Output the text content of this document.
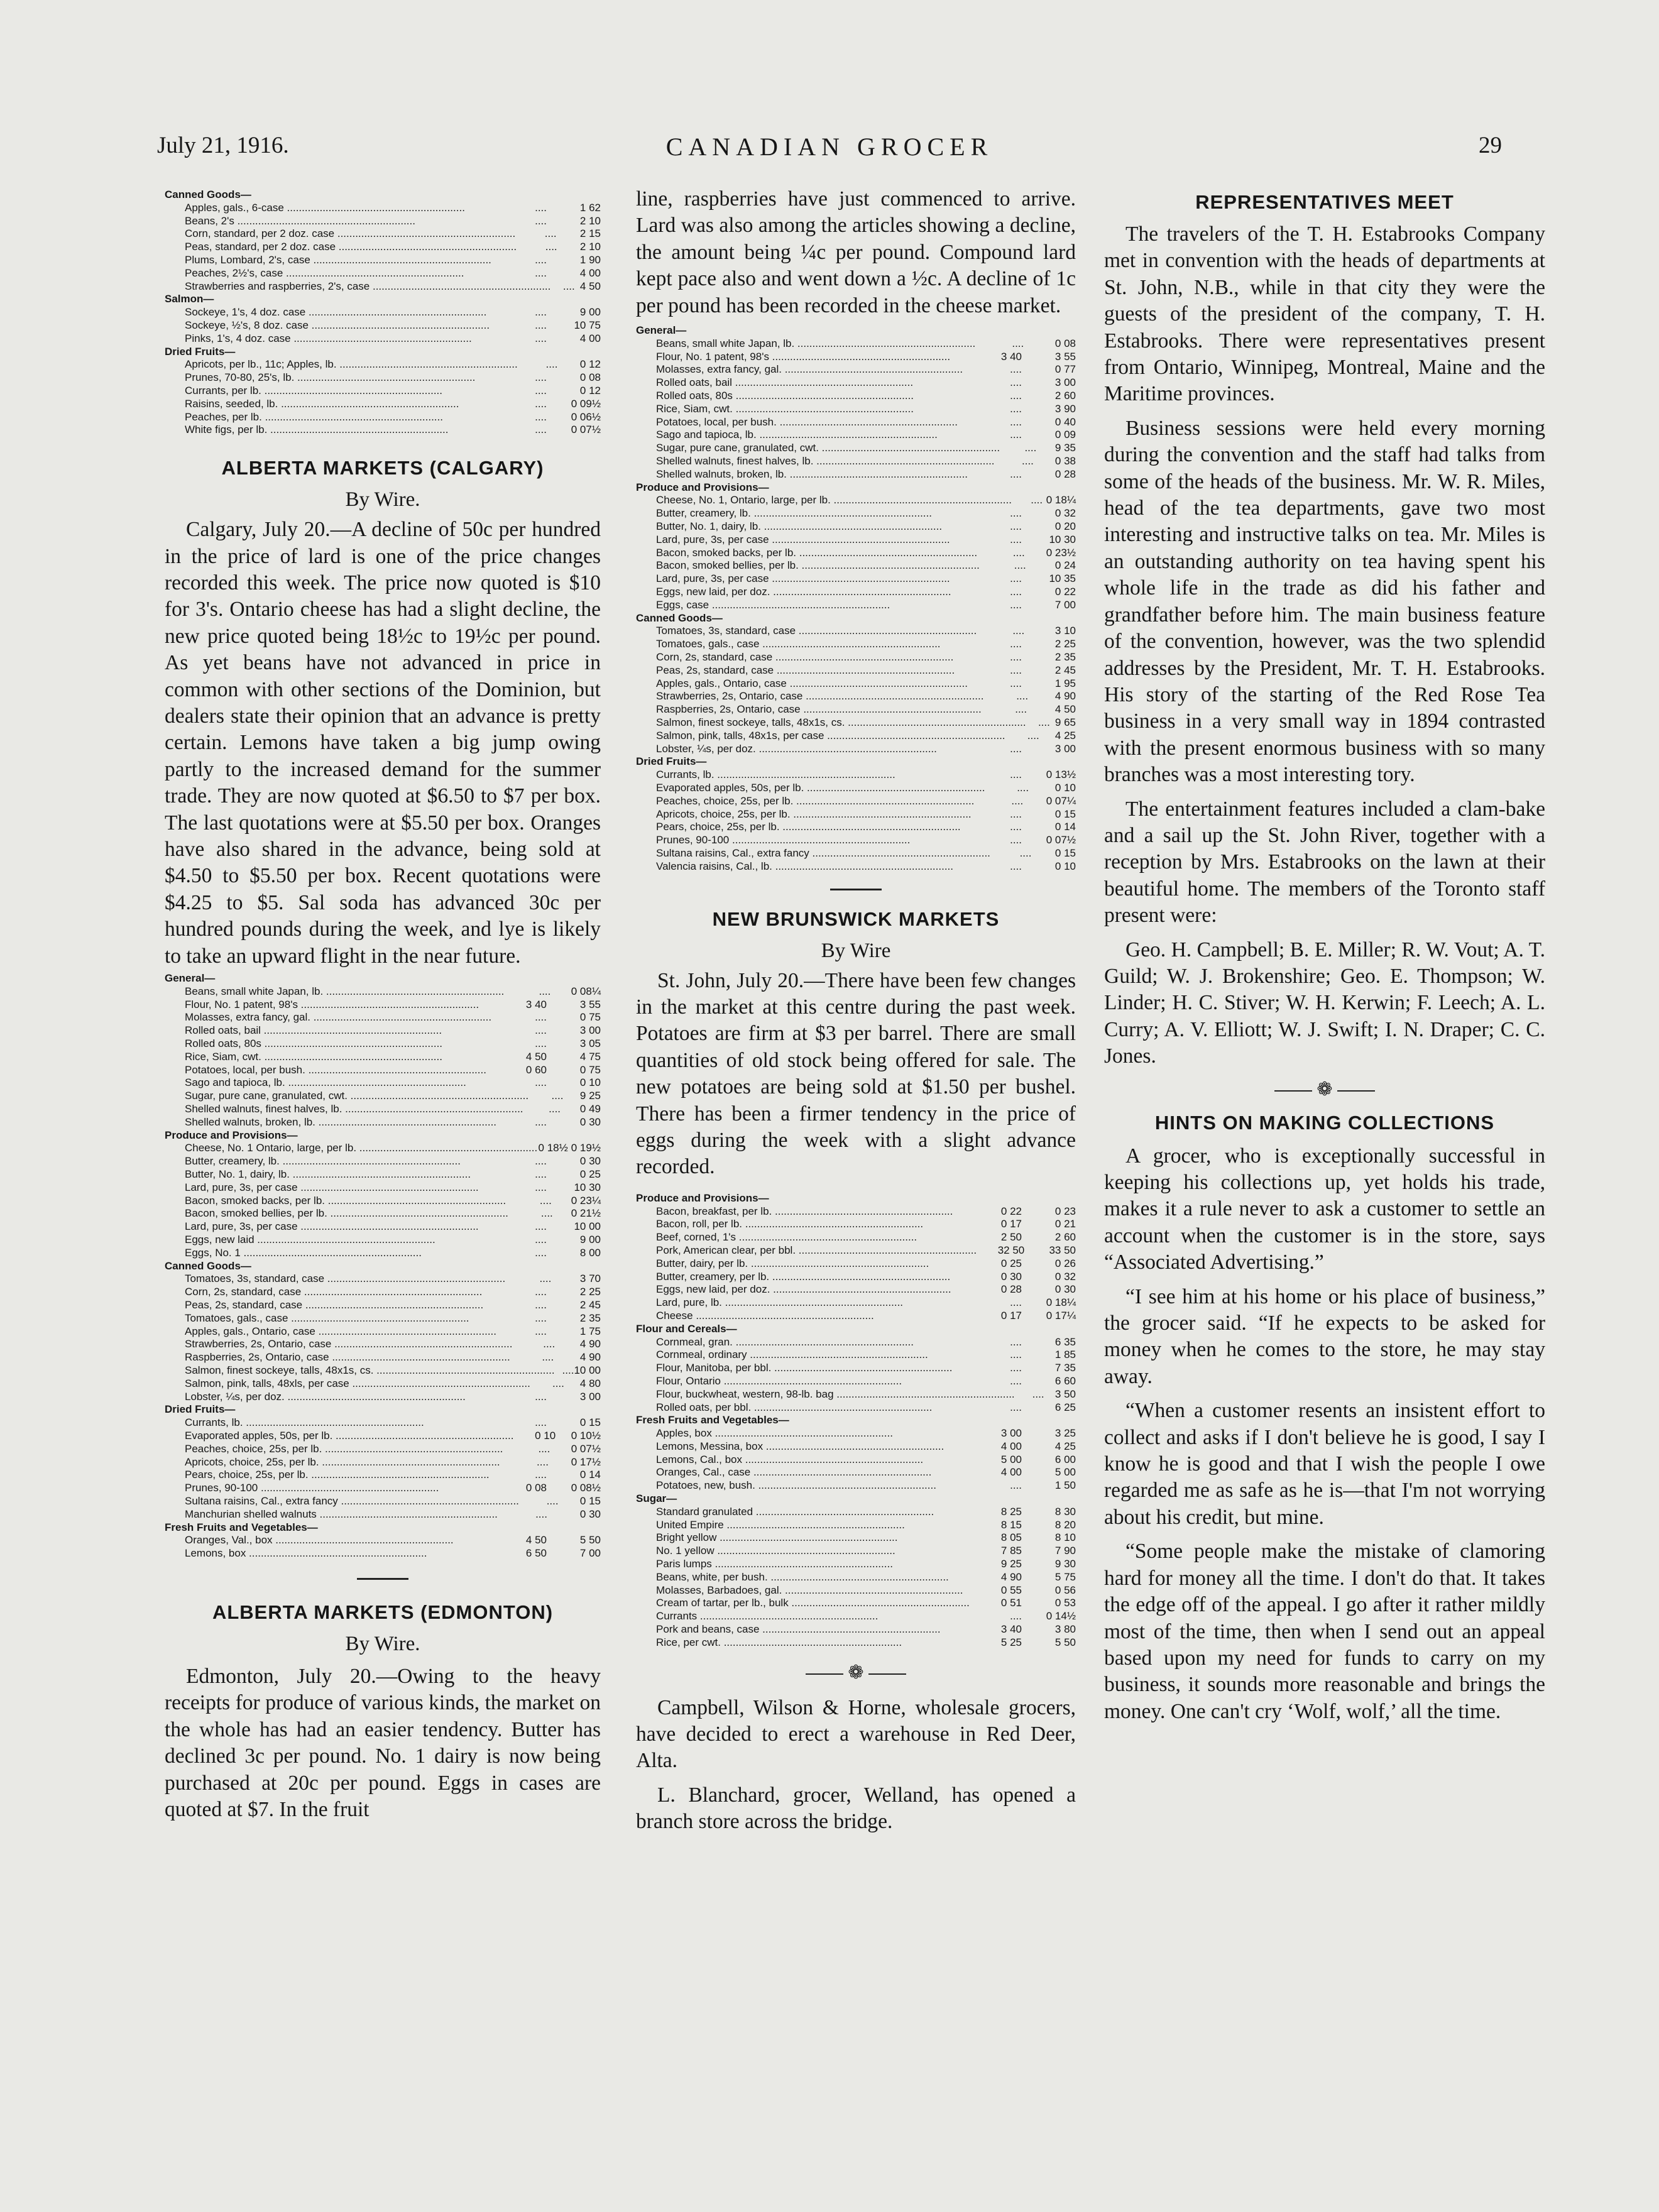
July 21, 1916.	CANADIAN GROCER	29
Canned Goods—
Apples, gals., 6-case ............................................................	....	1 62
Beans, 2's ............................................................	....	2 10
Corn, standard, per 2 doz. case ............................................................	....	2 15
Peas, standard, per 2 doz. case ............................................................	....	2 10
Plums, Lombard, 2's, case ............................................................	....	1 90
Peaches, 2½'s, case ............................................................	....	4 00
Strawberries and raspberries, 2's, case ............................................................	.... 4 50
Salmon—
Sockeye, 1's, 4 doz. case ............................................................	....	9 00
Sockeye, ½'s, 8 doz. case ............................................................	....	10 75
Pinks, 1's, 4 doz. case ............................................................	....	4 00
Dried Fruits—
Apricots, per lb., 11c; Apples, lb. ............................................................	....	0 12
Prunes, 70-80, 25's, lb. ............................................................	....	0 08
Currants, per lb. ............................................................	....	0 12
Raisins, seeded, lb. ............................................................	....	0 09½
Peaches, per lb. ............................................................	....	0 06½
White figs, per lb. ............................................................	....	0 07½
ALBERTA MARKETS (CALGARY)

By Wire.

Calgary, July 20.—A decline of 50c per hundred in the price of lard is one of the price changes recorded this week. The price now quoted is $10 for 3's. Ontario cheese has had a slight decline, the new price quoted being 18½c to 19½c per pound. As yet beans have not advanced in price in common with other sections of the Dominion, but dealers state their opinion that an advance is pretty certain. Lemons have taken a big jump owing partly to the increased demand for the summer trade. They are now quoted at $6.50 to $7 per box. The last quotations were at $5.50 per box. Oranges have also shared in the advance, being sold at $4.50 to $5.50 per box. Recent quotations were $4.25 to $5. Sal soda has advanced 30c per hundred pounds during the week, and lye is likely to take an upward flight in the near future.

General—
Beans, small white Japan, lb. ............................................................	....	0 08¼
Flour, No. 1 patent, 98's ............................................................	3 40	3 55
Molasses, extra fancy, gal. ............................................................	....	0 75
Rolled oats, bail ............................................................	....	3 00
Rolled oats, 80s ............................................................	....	3 05
Rice, Siam, cwt. ............................................................	4 50	4 75
Potatoes, local, per bush. ............................................................	0 60	0 75
Sago and tapioca, lb. ............................................................	....	0 10
Sugar, pure cane, granulated, cwt. ............................................................	....	9 25
Shelled walnuts, finest halves, lb. ............................................................	....	0 49
Shelled walnuts, broken, lb. ............................................................	....	0 30
Produce and Provisions—
Cheese, No. 1 Ontario, large, per lb. ............................................................ 0 18½ 0 19½
Butter, creamery, lb. ............................................................	....	0 30
Butter, No. 1, dairy, lb. ............................................................	....	0 25
Lard, pure, 3s, per case ............................................................	....	10 30
Bacon, smoked backs, per lb. ............................................................	....	0 23¼
Bacon, smoked bellies, per lb. ............................................................	....	0 21½
Lard, pure, 3s, per case ............................................................	....	10 00
Eggs, new laid ............................................................	....	9 00
Eggs, No. 1 ............................................................	....	8 00
Canned Goods—
Tomatoes, 3s, standard, case ............................................................	....	3 70
Corn, 2s, standard, case ............................................................	....	2 25
Peas, 2s, standard, case ............................................................	....	2 45
Tomatoes, gals., case ............................................................	....	2 35
Apples, gals., Ontario, case ............................................................	....	1 75
Strawberries, 2s, Ontario, case ............................................................	....	4 90
Raspberries, 2s, Ontario, case ............................................................	....	4 90
Salmon, finest sockeye, talls, 48x1s, cs. ............................................................ .... 10 00
Salmon, pink, talls, 48xls, per case ............................................................	....	4 80
Lobster, ¼s, per doz. ............................................................	....	3 00
Dried Fruits—
Currants, lb. ............................................................	....	0 15
Evaporated apples, 50s, per lb. ............................................................	0 10	0 10½
Peaches, choice, 25s, per lb. ............................................................	....	0 07½
Apricots, choice, 25s, per lb. ............................................................	....	0 17½
Pears, choice, 25s, per lb. ............................................................	....	0 14
Prunes, 90-100 ............................................................	0 08	0 08½
Sultana raisins, Cal., extra fancy ............................................................	....	0 15
Manchurian shelled walnuts ............................................................	....	0 30
Fresh Fruits and Vegetables—
Oranges, Val., box ............................................................	4 50	5 50
Lemons, box ............................................................	6 50	7 00
ALBERTA MARKETS (EDMONTON)

By Wire.

Edmonton, July 20.—Owing to the heavy receipts for produce of various kinds, the market on the whole has had an easier tendency. Butter has declined 3c per pound. No. 1 dairy is now being purchased at 20c per pound. Eggs in cases are quoted at $7. In the fruit

line, raspberries have just commenced to arrive. Lard was also among the articles showing a decline, the amount being ¼c per pound. Compound lard kept pace also and went down a ½c. A decline of 1c per pound has been recorded in the cheese market.

General—
Beans, small white Japan, lb. ............................................................	....	0 08
Flour, No. 1 patent, 98's ............................................................	3 40	3 55
Molasses, extra fancy, gal. ............................................................	....	0 77
Rolled oats, bail ............................................................	....	3 00
Rolled oats, 80s ............................................................	....	2 60
Rice, Siam, cwt. ............................................................	....	3 90
Potatoes, local, per bush. ............................................................	....	0 40
Sago and tapioca, lb. ............................................................	....	0 09
Sugar, pure cane, granulated, cwt. ............................................................	....	9 35
Shelled walnuts, finest halves, lb. ............................................................	....	0 38
Shelled walnuts, broken, lb. ............................................................	....	0 28
Produce and Provisions—
Cheese, No. 1, Ontario, large, per lb. ............................................................	.... 0 18¼
Butter, creamery, lb. ............................................................	....	0 32
Butter, No. 1, dairy, lb. ............................................................	....	0 20
Lard, pure, 3s, per case ............................................................	....	10 30
Bacon, smoked backs, per lb. ............................................................	....	0 23½
Bacon, smoked bellies, per lb. ............................................................	....	0 24
Lard, pure, 3s, per case ............................................................	....	10 35
Eggs, new laid, per doz. ............................................................	....	0 22
Eggs, case ............................................................	....	7 00
Canned Goods—
Tomatoes, 3s, standard, case ............................................................	....	3 10
Tomatoes, gals., case ............................................................	....	2 25
Corn, 2s, standard, case ............................................................	....	2 35
Peas, 2s, standard, case ............................................................	....	2 45
Apples, gals., Ontario, case ............................................................	....	1 95
Strawberries, 2s, Ontario, case ............................................................	....	4 90
Raspberries, 2s, Ontario, case ............................................................	....	4 50
Salmon, finest sockeye, talls, 48x1s, cs. ............................................................	.... 9 65
Salmon, pink, talls, 48x1s, per case ............................................................	....	4 25
Lobster, ¼s, per doz. ............................................................	....	3 00
Dried Fruits—
Currants, lb. ............................................................	....	0 13½
Evaporated apples, 50s, per lb. ............................................................	....	0 10
Peaches, choice, 25s, per lb. ............................................................	....	0 07¼
Apricots, choice, 25s, per lb. ............................................................	....	0 15
Pears, choice, 25s, per lb. ............................................................	....	0 14
Prunes, 90-100 ............................................................	....	0 07½
Sultana raisins, Cal., extra fancy ............................................................	....	0 15
Valencia raisins, Cal., lb. ............................................................	....	0 10
NEW BRUNSWICK MARKETS

By Wire

St. John, July 20.—There have been few changes in the market at this centre during the past week. Potatoes are firm at $3 per barrel. There are small quantities of old stock being offered for sale. The new potatoes are being sold at $1.50 per bushel. There has been a firmer tendency in the price of eggs during the week with a slight advance recorded.

Produce and Provisions—
Bacon, breakfast, per lb. ............................................................	0 22	0 23
Bacon, roll, per lb. ............................................................	0 17	0 21
Beef, corned, 1's ............................................................	2 50	2 60
Pork, American clear, per bbl. ............................................................	32 50	33 50
Butter, dairy, per lb. ............................................................	0 25	0 26
Butter, creamery, per lb. ............................................................	0 30	0 32
Eggs, new laid, per doz. ............................................................	0 28	0 30
Lard, pure, lb. ............................................................	....	0 18¼
Cheese ............................................................	0 17	0 17¼
Flour and Cereals—
Cornmeal, gran. ............................................................	....	6 35
Cornmeal, ordinary ............................................................	....	1 85
Flour, Manitoba, per bbl. ............................................................	....	7 35
Flour, Ontario ............................................................	....	6 60
Flour, buckwheat, western, 98-lb. bag ............................................................	....	3 50
Rolled oats, per bbl. ............................................................	....	6 25
Fresh Fruits and Vegetables—
Apples, box ............................................................	3 00	3 25
Lemons, Messina, box ............................................................	4 00	4 25
Lemons, Cal., box ............................................................	5 00	6 00
Oranges, Cal., case ............................................................	4 00	5 00
Potatoes, new, bush. ............................................................	....	1 50
Sugar—
Standard granulated ............................................................	8 25	8 30
United Empire ............................................................	8 15	8 20
Bright yellow ............................................................	8 05	8 10
No. 1 yellow ............................................................	7 85	7 90
Paris lumps ............................................................	9 25	9 30
Beans, white, per bush. ............................................................	4 90	5 75
Molasses, Barbadoes, gal. ............................................................	0 55	0 56
Cream of tartar, per lb., bulk ............................................................	0 51	0 53
Currants ............................................................	....	0 14½
Pork and beans, case ............................................................	3 40	3 80
Rice, per cwt. ............................................................	5 25	5 50
❁

Campbell, Wilson & Horne, wholesale grocers, have decided to erect a warehouse in Red Deer, Alta.

L. Blanchard, grocer, Welland, has opened a branch store across the bridge.

REPRESENTATIVES MEET

The travelers of the T. H. Estabrooks Company met in convention with the heads of departments at St. John, N.B., while in that city they were the guests of the president of the company, T. H. Estabrooks. There were representatives present from Ontario, Winnipeg, Montreal, Maine and the Maritime provinces.

Business sessions were held every morning during the convention and the staff had talks from some of the heads of the business. Mr. W. R. Miles, head of the tea departments, gave two most interesting and instructive talks on tea. Mr. Miles is an outstanding authority on tea having spent his whole life in the trade as did his father and grandfather before him. The main business feature of the convention, however, was the two splendid addresses by the President, Mr. T. H. Estabrooks. His story of the starting of the Red Rose Tea business in a very small way in 1894 contrasted with the present enormous business with so many branches was a most interesting tory.

The entertainment features included a clam-bake and a sail up the St. John River, together with a reception by Mrs. Estabrooks on the lawn at their beautiful home. The members of the Toronto staff present were:

Geo. H. Campbell; B. E. Miller; R. W. Vout; A. T. Guild; W. J. Brokenshire; Geo. E. Thompson; W. Linder; H. C. Stiver; W. H. Kerwin; F. Leech; A. L. Curry; A. V. Elliott; W. J. Swift; I. N. Draper; C. C. Jones.

❁
HINTS ON MAKING COLLECTIONS

A grocer, who is exceptionally successful in keeping his collections up, yet holds his trade, makes it a rule never to ask a customer to settle an account when the customer is in the store, says “Associated Advertising.”

“I see him at his home or his place of business,” the grocer said. “If he expects to be asked for money when he comes to the store, he may stay away.

“When a customer resents an insistent effort to collect and asks if I don't believe he is good, I say I know he is good and that I wish the people I owe regarded me as safe as he is—that I'm not worrying about his credit, but mine.

“Some people make the mistake of clamoring hard for money all the time. I don't do that. It takes the edge off of the appeal. I go after it rather mildly most of the time, then when I send out an appeal based upon my need for funds to carry on my business, it sounds more reasonable and brings the money. One can't cry ‘Wolf, wolf,’ all the time.
